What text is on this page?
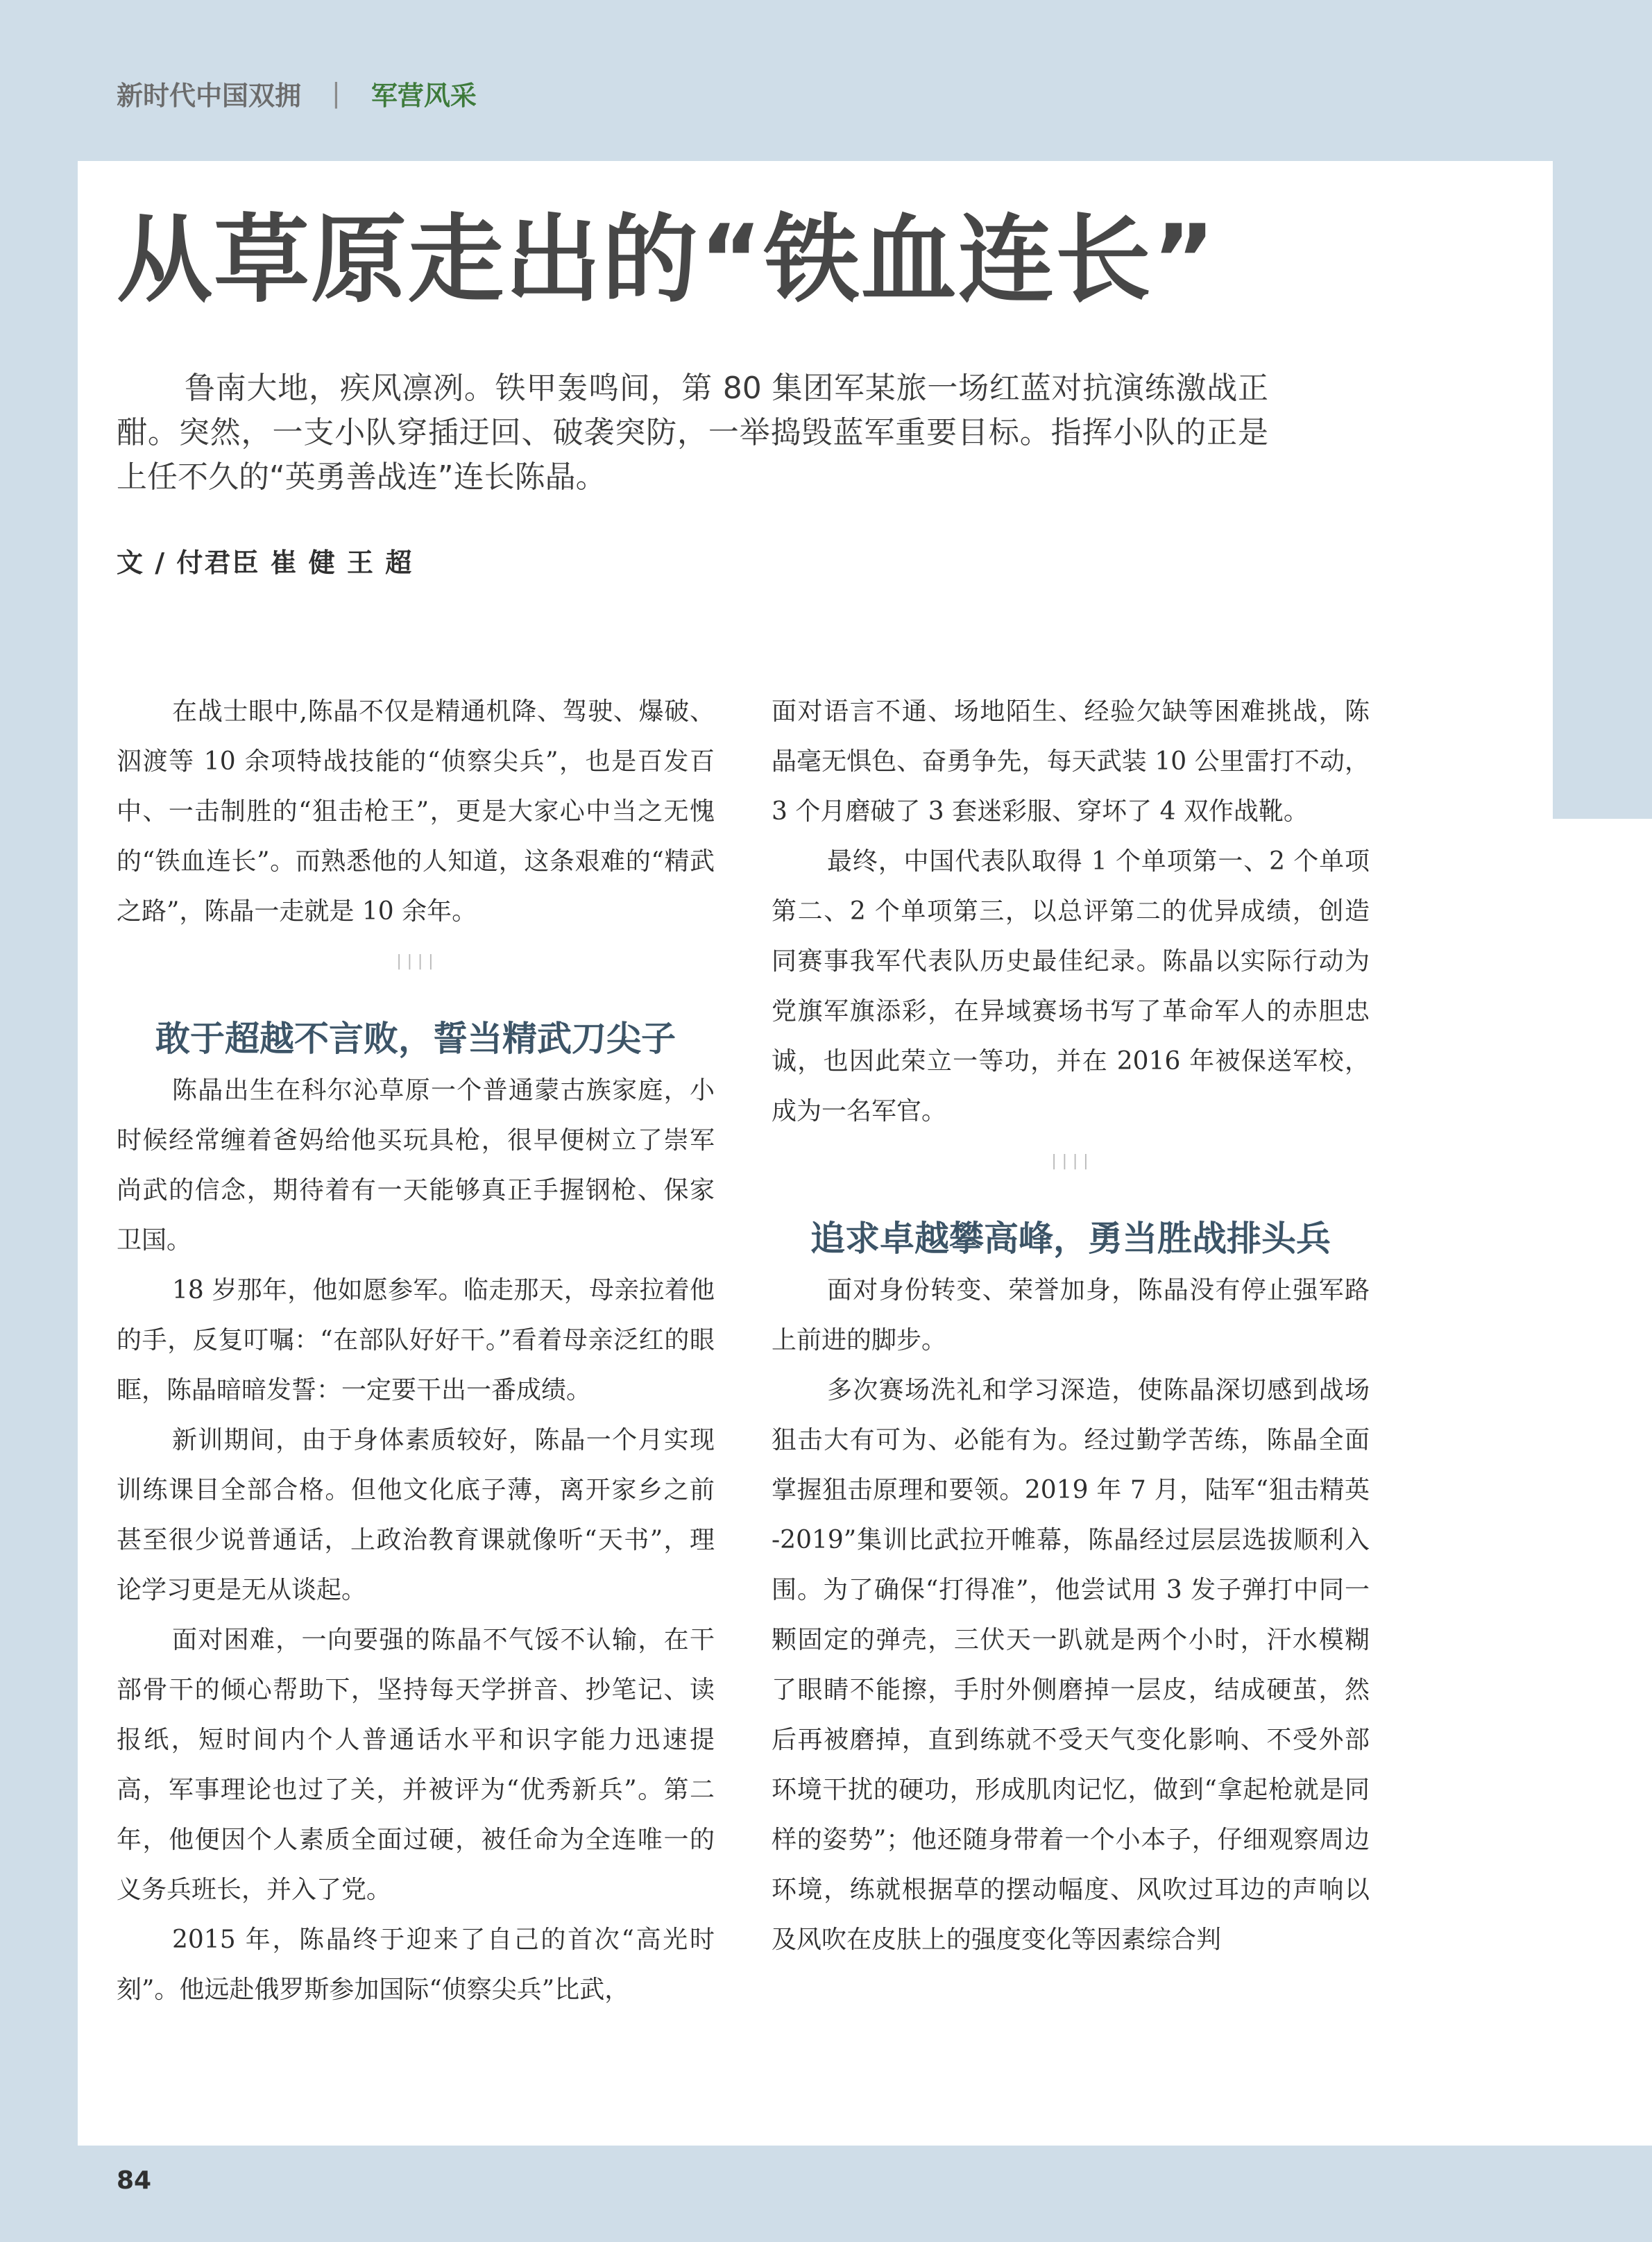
新时代中国双拥 | 军营风采
从草原走出的“铁血连长”

鲁南大地，疾风凛冽。铁甲轰鸣间，第 80 集团军某旅一场红蓝对抗演练激战正酣。突然，一支小队穿插迂回、破袭突防，一举捣毁蓝军重要目标。指挥小队的正是上任不久的“英勇善战连”连长陈晶。

文 / 付君臣 崔 健 王 超

在战士眼中,陈晶不仅是精通机降、驾驶、爆破、泅渡等 10 余项特战技能的“侦察尖兵”，也是百发百中、一击制胜的“狙击枪王”，更是大家心中当之无愧的“铁血连长”。而熟悉他的人知道，这条艰难的“精武之路”，陈晶一走就是 10 余年。

||||
敢于超越不言败，誓当精武刀尖子

陈晶出生在科尔沁草原一个普通蒙古族家庭，小时候经常缠着爸妈给他买玩具枪，很早便树立了崇军尚武的信念，期待着有一天能够真正手握钢枪、保家卫国。

18 岁那年，他如愿参军。临走那天，母亲拉着他的手，反复叮嘱：“在部队好好干。”看着母亲泛红的眼眶，陈晶暗暗发誓：一定要干出一番成绩。

新训期间，由于身体素质较好，陈晶一个月实现训练课目全部合格。但他文化底子薄，离开家乡之前甚至很少说普通话，上政治教育课就像听“天书”，理论学习更是无从谈起。

面对困难，一向要强的陈晶不气馁不认输，在干部骨干的倾心帮助下，坚持每天学拼音、抄笔记、读报纸，短时间内个人普通话水平和识字能力迅速提高，军事理论也过了关，并被评为“优秀新兵”。第二年，他便因个人素质全面过硬，被任命为全连唯一的义务兵班长，并入了党。

2015 年，陈晶终于迎来了自己的首次“高光时刻”。他远赴俄罗斯参加国际“侦察尖兵”比武，

面对语言不通、场地陌生、经验欠缺等困难挑战，陈晶毫无惧色、奋勇争先，每天武装 10 公里雷打不动，3 个月磨破了 3 套迷彩服、穿坏了 4 双作战靴。

最终，中国代表队取得 1 个单项第一、2 个单项第二、2 个单项第三，以总评第二的优异成绩，创造同赛事我军代表队历史最佳纪录。陈晶以实际行动为党旗军旗添彩，在异域赛场书写了革命军人的赤胆忠诚，也因此荣立一等功，并在 2016 年被保送军校，成为一名军官。

||||
追求卓越攀高峰，勇当胜战排头兵

面对身份转变、荣誉加身，陈晶没有停止强军路上前进的脚步。

多次赛场洗礼和学习深造，使陈晶深切感到战场狙击大有可为、必能有为。经过勤学苦练，陈晶全面掌握狙击原理和要领。2019 年 7 月，陆军“狙击精英 -2019”集训比武拉开帷幕，陈晶经过层层选拔顺利入围。为了确保“打得准”，他尝试用 3 发子弹打中同一颗固定的弹壳，三伏天一趴就是两个小时，汗水模糊了眼睛不能擦，手肘外侧磨掉一层皮，结成硬茧，然后再被磨掉，直到练就不受天气变化影响、不受外部环境干扰的硬功，形成肌肉记忆，做到“拿起枪就是同样的姿势”；他还随身带着一个小本子，仔细观察周边环境，练就根据草的摆动幅度、风吹过耳边的声响以及风吹在皮肤上的强度变化等因素综合判

84
